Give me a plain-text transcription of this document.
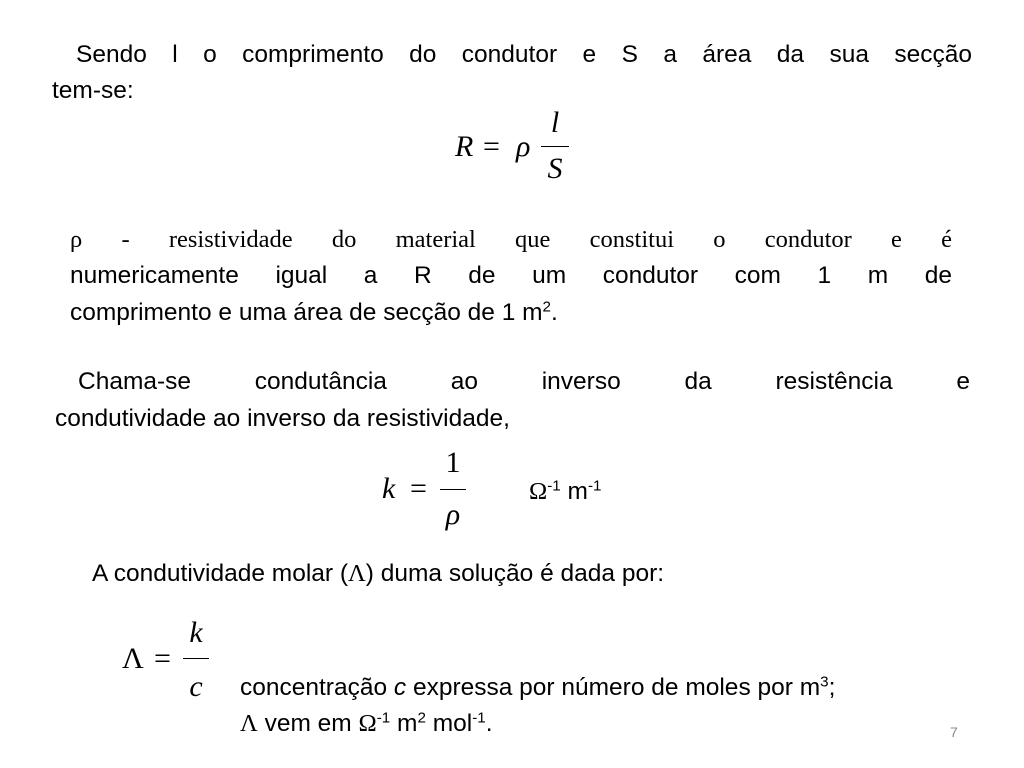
Sendo l o comprimento do condutor e S a área da sua secção

tem-se:

R = ρ
l
S

ρ - resistividade do material que constitui o condutor e é

numericamente igual a R de um condutor com 1 m de

comprimento e uma área de secção de 1 $m^2$.

Chama-se condutância ao inverso da resistência e

condutividade ao inverso da resistividade,

k =
1
ρ
$\Omega^{-1}$ $m^{-1}$

A condutividade molar (Λ) duma solução é dada por:

Λ =
k
c concentração c expressa por número de moles por $m^3$;

Λ vem em $\Omega^{-1}$ $m^2$ mol$^{-1}$.	7
